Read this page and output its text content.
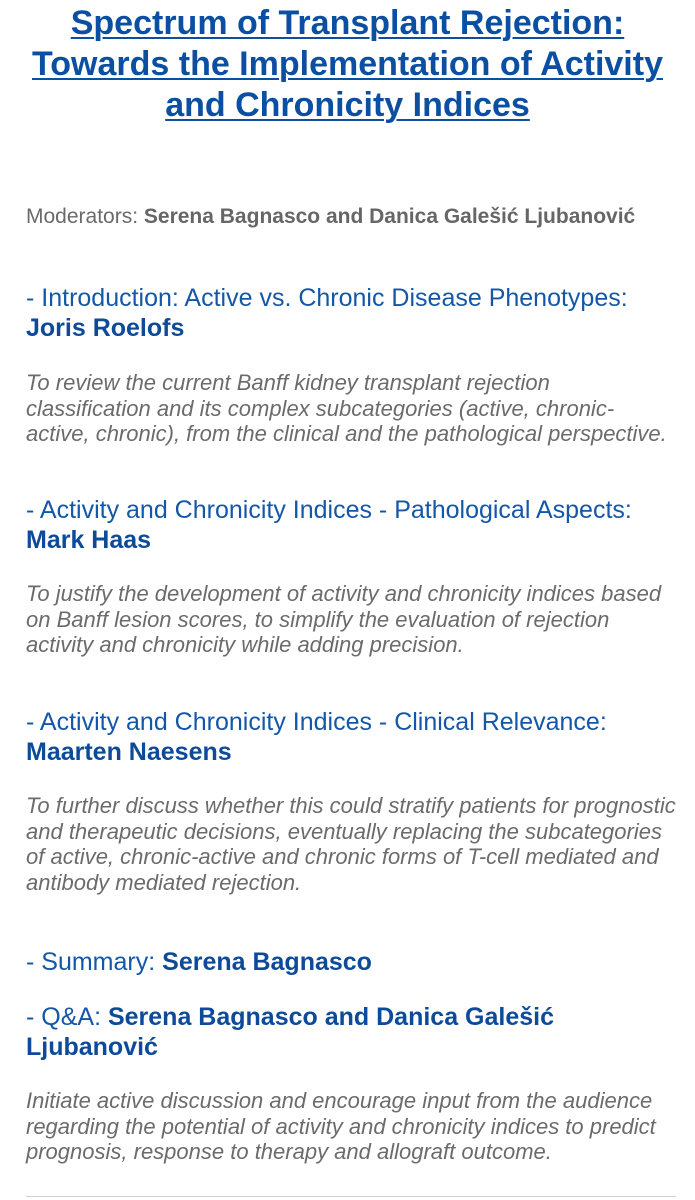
Spectrum of Transplant Rejection: Towards the Implementation of Activity and Chronicity Indices

Moderators: Serena Bagnasco and Danica Galešić Ljubanović

- Introduction: Active vs. Chronic Disease Phenotypes: Joris Roelofs

To review the current Banff kidney transplant rejection classification and its complex subcategories (active, chronic-active, chronic), from the clinical and the pathological perspective.

- Activity and Chronicity Indices - Pathological Aspects: Mark Haas

To justify the development of activity and chronicity indices based on Banff lesion scores, to simplify the evaluation of rejection activity and chronicity while adding precision.

- Activity and Chronicity Indices - Clinical Relevance: Maarten Naesens

To further discuss whether this could stratify patients for prognostic and therapeutic decisions, eventually replacing the subcategories of active, chronic-active and chronic forms of T-cell mediated and antibody mediated rejection.

- Summary: Serena Bagnasco

- Q&A: Serena Bagnasco and Danica Galešić Ljubanović

Initiate active discussion and encourage input from the audience regarding the potential of activity and chronicity indices to predict prognosis, response to therapy and allograft outcome.
